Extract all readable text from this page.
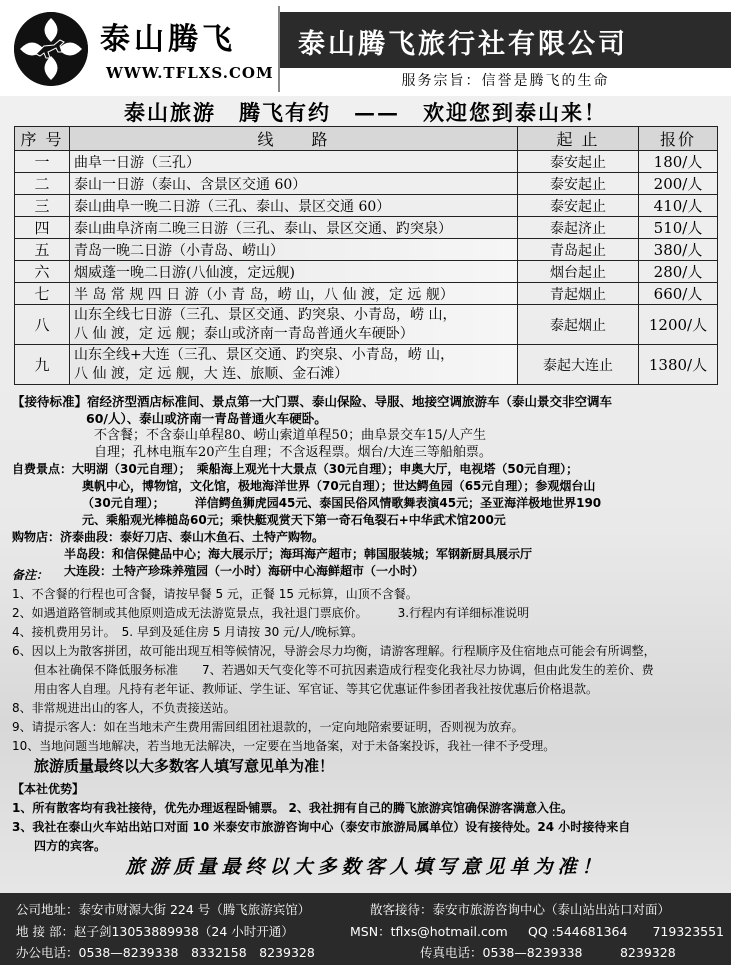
泰山腾飞
WWW.TFLXS.COM
泰山腾飞旅行社有限公司
服务宗旨：信誉是腾飞的生命
泰山旅游　腾飞有约　——　欢迎您到泰山来！
序 号	线　　路	起 止	报价
一	曲阜一日游（三孔）	泰安起止	180/人
二	泰山一日游（泰山、含景区交通 60）	泰安起止	200/人
三	泰山曲阜一晚二日游（三孔、泰山、景区交通 60）	泰安起止	410/人
四	泰山曲阜济南二晚三日游（三孔、泰山、景区交通、趵突泉）	泰起济止	510/人
五	青岛一晚二日游（小青岛、崂山）	青岛起止	380/人
六	烟威蓬一晚二日游(八仙渡，定远舰)	烟台起止	280/人
七	半 岛 常 规 四 日 游（小 青 岛，崂 山，八 仙 渡，定 远 舰）	青起烟止	660/人
八	山东全线七日游（三孔、景区交通、趵突泉、小青岛，崂 山，
八 仙 渡，定 远 舰；泰山或济南一青岛普通火车硬卧）	泰起烟止	1200/人
九	山东全线+大连（三孔、景区交通、趵突泉、小青岛，崂 山，
八 仙 渡，定 远 舰，大 连、旅顺、金石滩）	泰起大连止	1380/人
【接待标准】宿经济型酒店标准间、景点第一大门票、泰山保险、导服、地接空调旅游车（泰山景交非空调车
60/人）、泰山或济南一青岛普通火车硬卧。
不含餐；不含泰山单程80、崂山索道单程50；曲阜景交车15/人产生
自理；孔林电瓶车20产生自理；不含返程票。烟台/大连三等船舶票。
自费景点：大明湖（30元自理）；　乘船海上观光十大景点（30元自理）；申奥大厅，电视塔（50元自理）；
奥帆中心，博物馆，文化馆，极地海洋世界（70元自理）；世达鳄鱼园（65元自理）；参观烟台山
（30元自理）；　　　洋信鳄鱼狮虎园45元、泰国民俗风情歌舞表演45元；圣亚海洋极地世界190
元、乘船观光棒槌岛60元；乘快艇观赏天下第一奇石龟裂石+中华武术馆200元
购物店：济泰曲段：泰好刀店、泰山木鱼石、土特产购物。
半岛段：和信保健品中心；海大展示厅；海珥海产超市；韩国服装城；军钢新厨具展示厅
大连段：土特产珍珠养殖园（一小时）海研中心海鲜超市（一小时）
备注：
1、不含餐的行程也可含餐，请按早餐 5 元，正餐 15 元标算，山顶不含餐。
2、如遇道路管制或其他原则造成无法游览景点，我社退门票底价。　　　	3.行程内有详细标准说明
4、接机费用另计。　5. 早到及延住房 5 月请按 30 元/人/晚标算。
6、因以上为散客拼团，故可能出现互相等候情况，导游会尽力均衡，请游客理解。行程顺序及住宿地点可能会有所调整，
但本社确保不降低服务标准　　7、若遇如天气变化等不可抗因素造成行程变化我社尽力协调，但由此发生的差价、费
用由客人自理。凡持有老年证、教师证、学生证、军官证、等其它优惠证件参团者我社按优惠后价格退款。
8、非常规进出山的客人，不负责接送站。
9、请提示客人：如在当地未产生费用需回组团社退款的，一定向地陪索要证明，否则视为放弃。
10、当地问题当地解决，若当地无法解决，一定要在当地备案，对于未备案投诉，我社一律不予受理。
旅游质量最终以大多数客人填写意见单为准！
【本社优势】
1、所有散客均有我社接待，优先办理返程卧铺票。 2、我社拥有自己的腾飞旅游宾馆确保游客满意入住。
3、我社在泰山火车站出站口对面 10 米泰安市旅游咨询中心（泰安市旅游局属单位）设有接待处。24 小时接待来自
四方的宾客。
旅游质量最终以大多数客人填写意见单为准！
公司地址：泰安市财源大街 224 号（腾飞旅游宾馆）	散客接待：泰安市旅游咨询中心（泰山站出站口对面）
地 接 部：赵子剑13053889938（24 小时开通）	MSN：tflxs@hotmail.com QQ :544681364　　719323551
办公电话：0538—8239338　8332158　8239328	传真电话：0538—8239338　　　8239328
